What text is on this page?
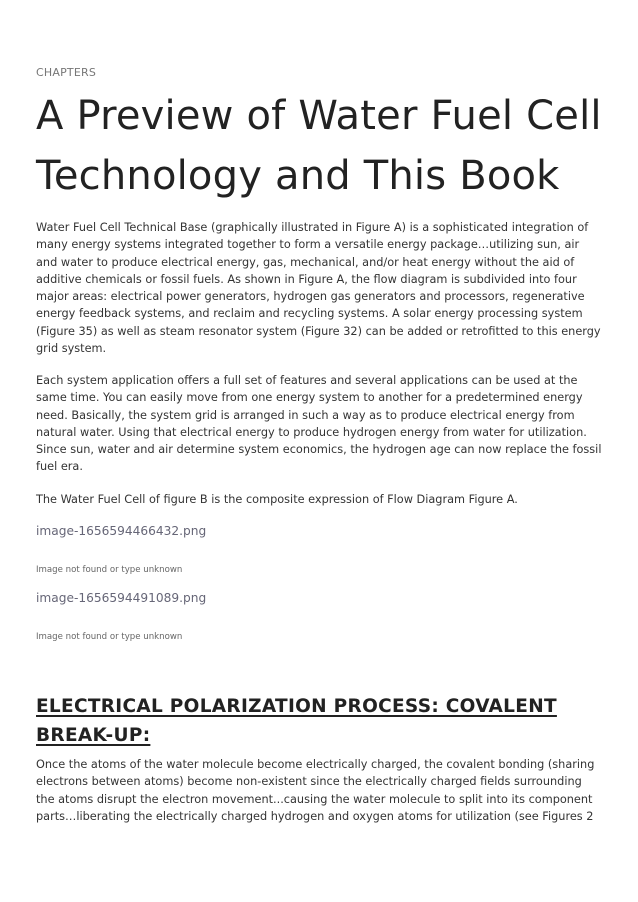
CHAPTERS
A Preview of Water Fuel Cell Technology and This Book

Water Fuel Cell Technical Base (graphically illustrated in Figure A) is a sophisticated integration of many energy systems integrated together to form a versatile energy package…utilizing sun, air and water to produce electrical energy, gas, mechanical, and/or heat energy without the aid of additive chemicals or fossil fuels. As shown in Figure A, the flow diagram is subdivided into four major areas: electrical power generators, hydrogen gas generators and processors, regenerative energy feedback systems, and reclaim and recycling systems. A solar energy processing system (Figure 35) as well as steam resonator system (Figure 32) can be added or retrofitted to this energy grid system.

Each system application offers a full set of features and several applications can be used at the same time. You can easily move from one energy system to another for a predetermined energy need. Basically, the system grid is arranged in such a way as to produce electrical energy from natural water. Using that electrical energy to produce hydrogen energy from water for utilization. Since sun, water and air determine system economics, the hydrogen age can now replace the fossil fuel era.

The Water Fuel Cell of figure B is the composite expression of Flow Diagram Figure A.

image-1656594466432.png
Image not found or type unknown
image-1656594491089.png
Image not found or type unknown
ELECTRICAL POLARIZATION PROCESS: COVALENT BREAK-UP:

Once the atoms of the water molecule become electrically charged, the covalent bonding (sharing electrons between atoms) become non-existent since the electrically charged fields surrounding the atoms disrupt the electron movement...causing the water molecule to split into its component parts…liberating the electrically charged hydrogen and oxygen atoms for utilization (see Figures 2
